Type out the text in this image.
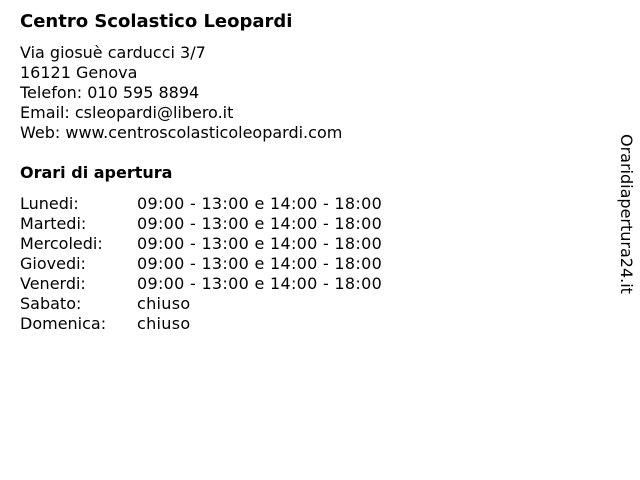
Centro Scolastico Leopardi
Via giosuè carducci 3/7
16121 Genova
Telefon: 010 595 8894
Email: csleopardi@libero.it
Web: www.centroscolasticoleopardi.com
Orari di apertura
Lunedi:	09:00 - 13:00 e 14:00 - 18:00
Martedi:	09:00 - 13:00 e 14:00 - 18:00
Mercoledi: 09:00 - 13:00 e 14:00 - 18:00
Giovedi:	09:00 - 13:00 e 14:00 - 18:00
Venerdi:	09:00 - 13:00 e 14:00 - 18:00
Sabato:	chiuso
Domenica: chiuso
Oraridiapertura24.it
